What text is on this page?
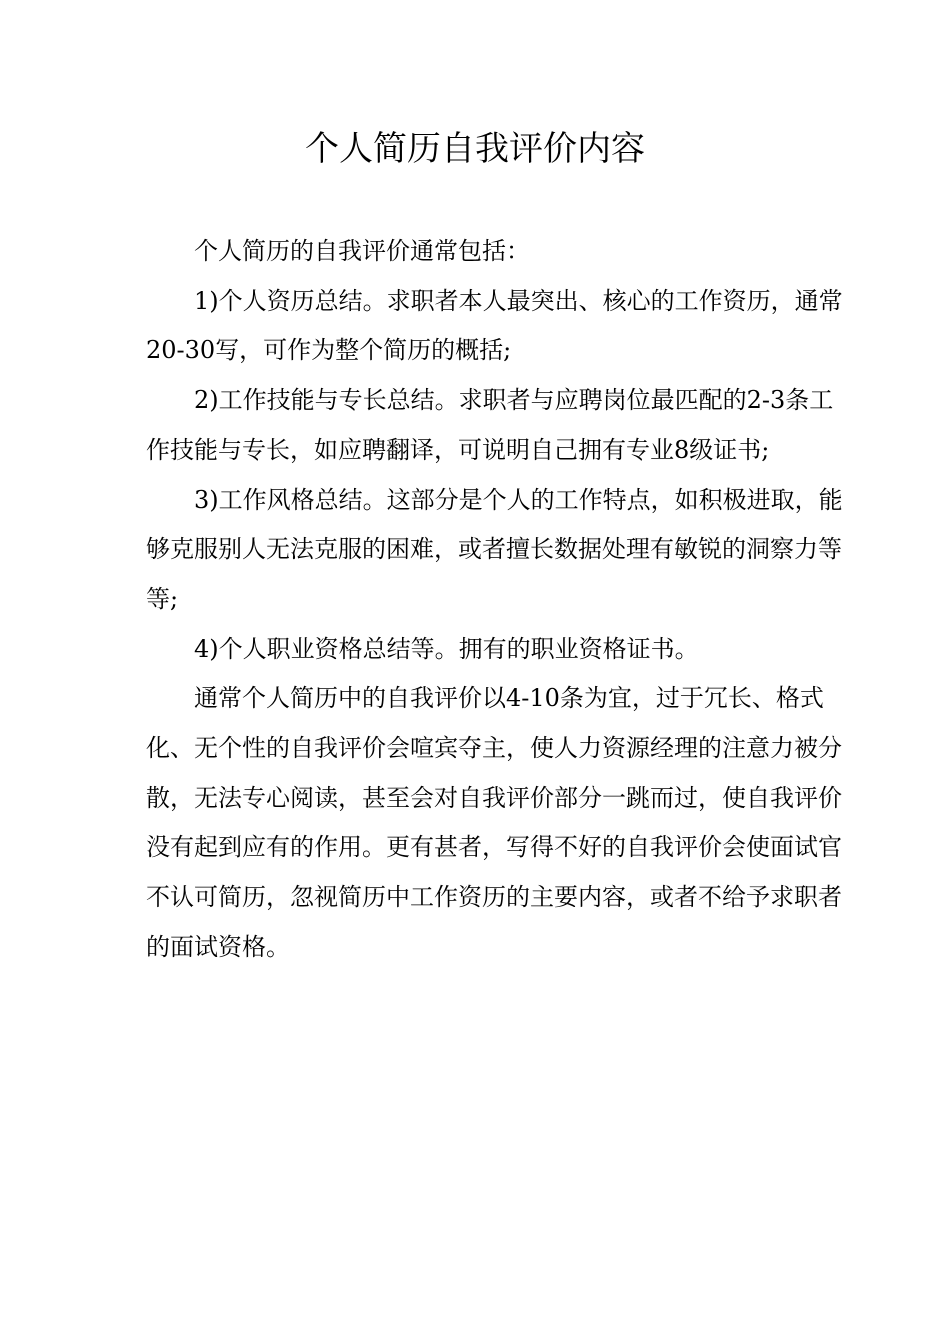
个人简历自我评价内容

个人简历的自我评价通常包括：

1)个人资历总结。求职者本人最突出、核心的工作资历，通常20-30写，可作为整个简历的概括;

2)工作技能与专长总结。求职者与应聘岗位最匹配的2-3条工作技能与专长，如应聘翻译，可说明自己拥有专业8级证书;

3)工作风格总结。这部分是个人的工作特点，如积极进取，能够克服别人无法克服的困难，或者擅长数据处理有敏锐的洞察力等等;

4)个人职业资格总结等。拥有的职业资格证书。

通常个人简历中的自我评价以4-10条为宜，过于冗长、格式化、无个性的自我评价会喧宾夺主，使人力资源经理的注意力被分散，无法专心阅读，甚至会对自我评价部分一跳而过，使自我评价没有起到应有的作用。更有甚者，写得不好的自我评价会使面试官不认可简历，忽视简历中工作资历的主要内容，或者不给予求职者的面试资格。
